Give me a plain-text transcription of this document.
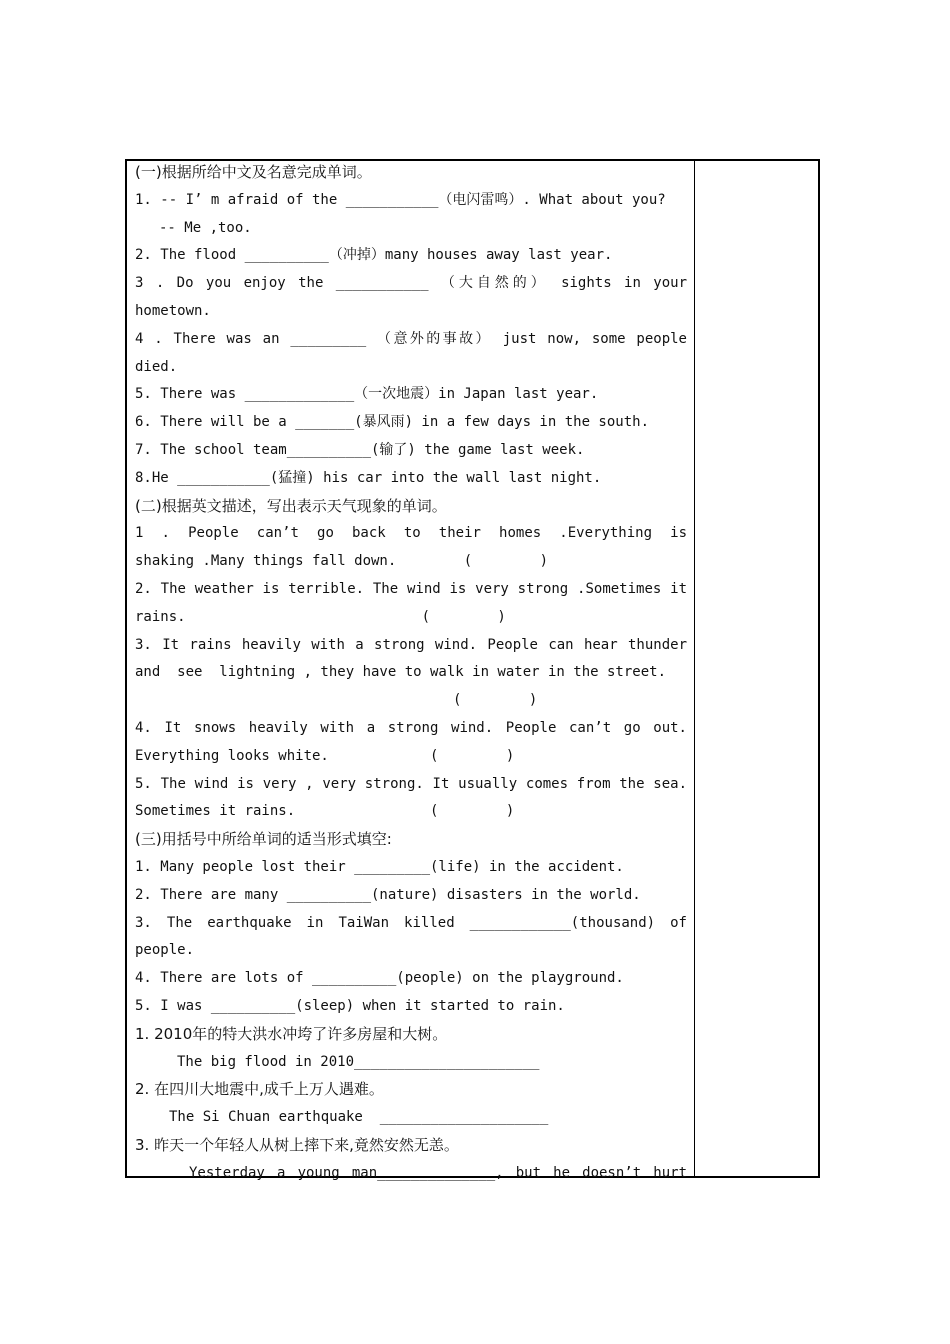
(一)根据所给中文及名意完成单词。
1. -- I’ m afraid of the ___________（电闪雷鸣）. What about you?
-- Me ,too.
2. The flood __________（冲掉）many houses away last year.
3 . Do you enjoy the ___________ （大自然的） sights in your
hometown.
4 . There was an _________ （意外的事故） just now, some people
died.
5. There was _____________（一次地震）in Japan last year.
6. There will be a _______(暴风雨) in a few days in the south.
7. The school team__________(输了) the game last week.
8.He ___________(猛撞) his car into the wall last night.
(二)根据英文描述，写出表示天气现象的单词。
1 . People can’t go back to their homes .Everything is
shaking .Many things fall down.        (        )
2. The weather is terrible. The wind is very strong .Sometimes it
rains.                            (        )
3. It rains heavily with a strong wind. People can hear thunder
and  see  lightning , they have to walk in water in the street.
(        )
4. It snows heavily with a strong wind. People can’t go out.
Everything looks white.            (        )
5. The wind is very , very strong. It usually comes from the sea.
Sometimes it rains.                (        )
(三)用括号中所给单词的适当形式填空:
1. Many people lost their _________(life) in the accident.
2. There are many __________(nature) disasters in the world.
3. The earthquake in TaiWan killed ____________(thousand) of
people.
4. There are lots of __________(people) on the playground.
5. I was __________(sleep) when it started to rain.
1. 2010年的特大洪水冲垮了许多房屋和大树。
The big flood in 2010______________________
2. 在四川大地震中,成千上万人遇难。
The Si Chuan earthquake  ____________________
3. 昨天一个年轻人从树上摔下来,竟然安然无恙。
Yesterday a young man______________, but he doesn’t hurt
